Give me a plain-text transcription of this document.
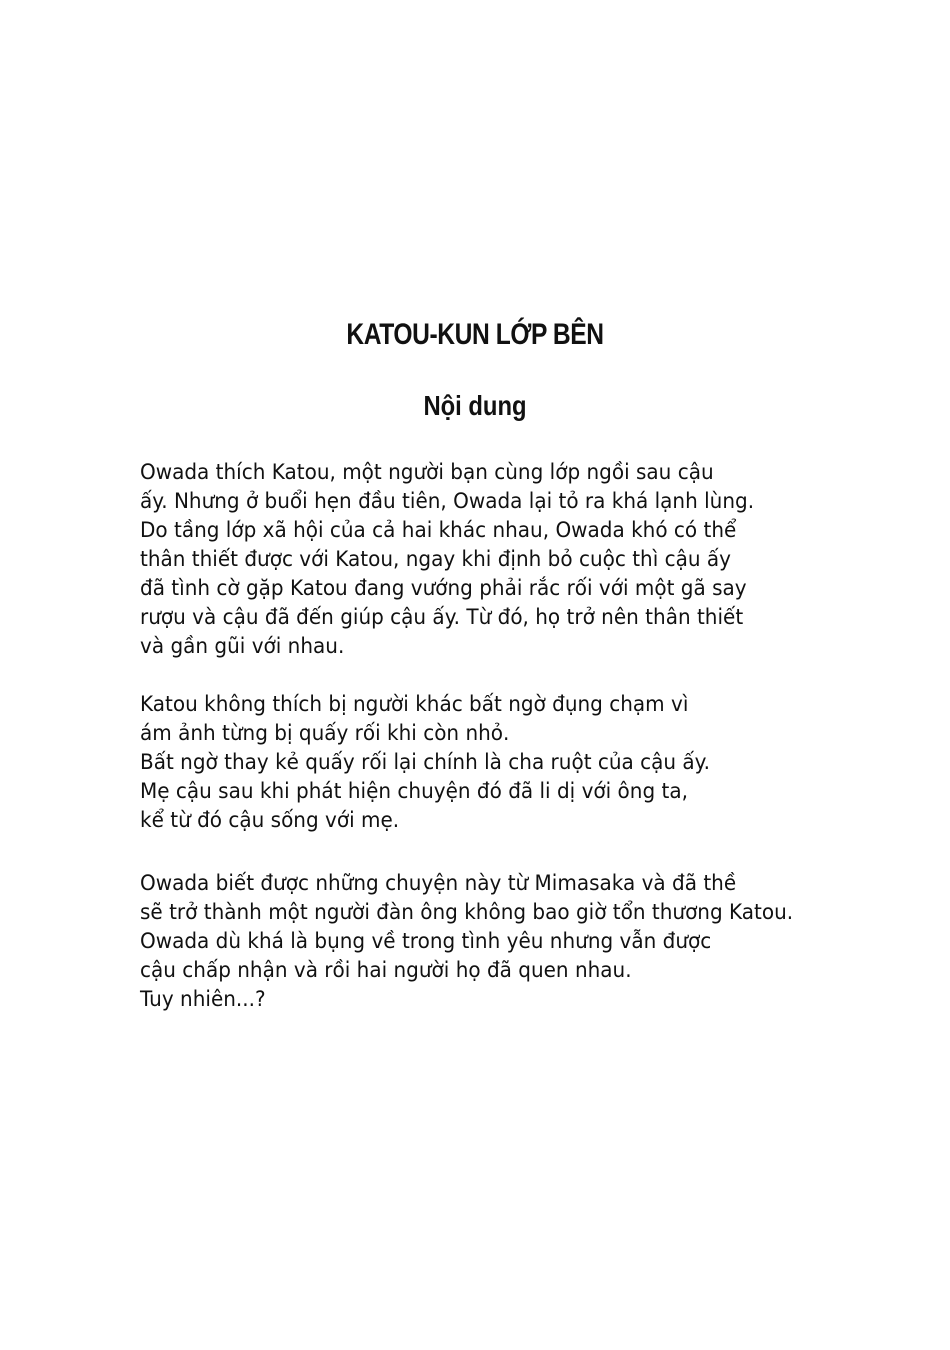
KATOU-KUN LỚP BÊN
Nội dung

Owada thích Katou, một người bạn cùng lớp ngồi sau cậu
ấy. Nhưng ở buổi hẹn đầu tiên, Owada lại tỏ ra khá lạnh lùng.
Do tầng lớp xã hội của cả hai khác nhau, Owada khó có thể
thân thiết được với Katou, ngay khi định bỏ cuộc thì cậu ấy
đã tình cờ gặp Katou đang vướng phải rắc rối với một gã say
rượu và cậu đã đến giúp cậu ấy. Từ đó, họ trở nên thân thiết
và gần gũi với nhau.

Katou không thích bị người khác bất ngờ đụng chạm vì
ám ảnh từng bị quấy rối khi còn nhỏ.
Bất ngờ thay kẻ quấy rối lại chính là cha ruột của cậu ấy.
Mẹ cậu sau khi phát hiện chuyện đó đã li dị với ông ta,
kể từ đó cậu sống với mẹ.

Owada biết được những chuyện này từ Mimasaka và đã thề
sẽ trở thành một người đàn ông không bao giờ tổn thương Katou.
Owada dù khá là bụng về trong tình yêu nhưng vẫn được
cậu chấp nhận và rồi hai người họ đã quen nhau.
Tuy nhiên...?
